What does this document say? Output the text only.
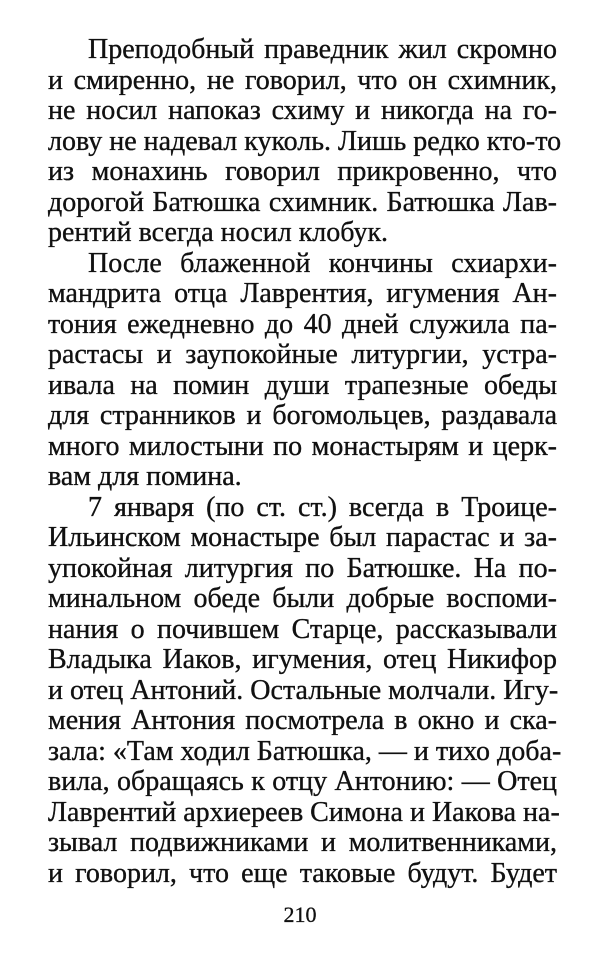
Преподобный праведник жил скромно
и смиренно, не говорил, что он схимник,
не носил напоказ схиму и никогда на го-
лову не надевал куколь. Лишь редко кто-то
из монахинь говорил прикровенно, что
дорогой Батюшка схимник. Батюшка Лав-
рентий всегда носил клобук.
После блаженной кончины схиархи-
мандрита отца Лаврентия, игумения Ан-
тония ежедневно до 40 дней служила па-
растасы и заупокойные литургии, устра-
ивала на помин души трапезные обеды
для странников и богомольцев, раздавала
много милостыни по монастырям и церк-
вам для помина.
7 января (по ст. ст.) всегда в Троице-
Ильинском монастыре был парастас и за-
упокойная литургия по Батюшке. На по-
минальном обеде были добрые воспоми-
нания о почившем Старце, рассказывали
Владыка Иаков, игумения, отец Никифор
и отец Антоний. Остальные молчали. Игу-
мения Антония посмотрела в окно и ска-
зала: «Там ходил Батюшка, — и тихо доба-
вила, обращаясь к отцу Антонию: — Отец
Лаврентий архиереев Симона и Иакова на-
зывал подвижниками и молитвенниками,
и говорил, что еще таковые будут. Будет
210
